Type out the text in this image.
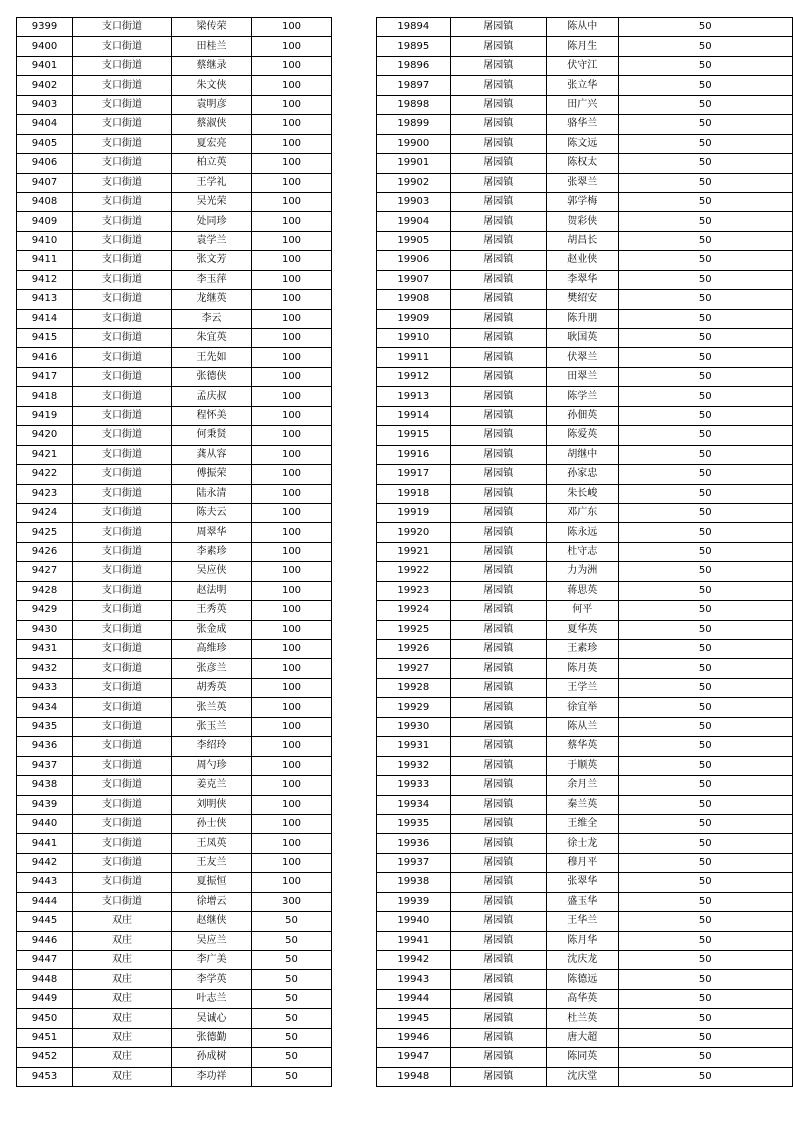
9399	支口街道	梁传荣	100
9400	支口街道	田桂兰	100
9401	支口街道	蔡继录	100
9402	支口街道	朱文侠	100
9403	支口街道	袁明彦	100
9404	支口街道	蔡淑侠	100
9405	支口街道	夏宏亮	100
9406	支口街道	柏立英	100
9407	支口街道	王学礼	100
9408	支口街道	吴光荣	100
9409	支口街道	处同珍	100
9410	支口街道	袁学兰	100
9411	支口街道	张文芳	100
9412	支口街道	李玉萍	100
9413	支口街道	龙继英	100
9414	支口街道	李云	100
9415	支口街道	朱宜英	100
9416	支口街道	王先如	100
9417	支口街道	张德侠	100
9418	支口街道	孟庆叔	100
9419	支口街道	程怀美	100
9420	支口街道	何秉贤	100
9421	支口街道	龚从容	100
9422	支口街道	傅振荣	100
9423	支口街道	陆永清	100
9424	支口街道	陈夫云	100
9425	支口街道	周翠华	100
9426	支口街道	李素珍	100
9427	支口街道	吴应侠	100
9428	支口街道	赵法明	100
9429	支口街道	王秀英	100
9430	支口街道	张金成	100
9431	支口街道	高维珍	100
9432	支口街道	张彦兰	100
9433	支口街道	胡秀英	100
9434	支口街道	张兰英	100
9435	支口街道	张玉兰	100
9436	支口街道	李绍玲	100
9437	支口街道	周勺珍	100
9438	支口街道	姜克兰	100
9439	支口街道	刘明侠	100
9440	支口街道	孙士侠	100
9441	支口街道	王凤英	100
9442	支口街道	王友兰	100
9443	支口街道	夏振恒	100
9444	支口街道	徐增云	300
9445	双庄	赵继侠	50
9446	双庄	吴应兰	50
9447	双庄	李广美	50
9448	双庄	李学英	50
9449	双庄	叶志兰	50
9450	双庄	吴诚心	50
9451	双庄	张德勤	50
9452	双庄	孙成树	50
9453	双庄	李功祥	50
19894	屠园镇	陈从中	50
19895	屠园镇	陈月生	50
19896	屠园镇	伏守江	50
19897	屠园镇	张立华	50
19898	屠园镇	田广兴	50
19899	屠园镇	骆华兰	50
19900	屠园镇	陈文远	50
19901	屠园镇	陈权太	50
19902	屠园镇	张翠兰	50
19903	屠园镇	郭学梅	50
19904	屠园镇	贺彩侠	50
19905	屠园镇	胡昌长	50
19906	屠园镇	赵业侠	50
19907	屠园镇	李翠华	50
19908	屠园镇	樊绍安	50
19909	屠园镇	陈升朋	50
19910	屠园镇	耿国英	50
19911	屠园镇	伏翠兰	50
19912	屠园镇	田翠兰	50
19913	屠园镇	陈学兰	50
19914	屠园镇	孙佃英	50
19915	屠园镇	陈爱英	50
19916	屠园镇	胡继中	50
19917	屠园镇	孙家忠	50
19918	屠园镇	朱长峻	50
19919	屠园镇	邓广东	50
19920	屠园镇	陈永远	50
19921	屠园镇	杜守志	50
19922	屠园镇	力为洲	50
19923	屠园镇	蒋思英	50
19924	屠园镇	何平	50
19925	屠园镇	夏华英	50
19926	屠园镇	王素珍	50
19927	屠园镇	陈月英	50
19928	屠园镇	王学兰	50
19929	屠园镇	徐宜举	50
19930	屠园镇	陈从兰	50
19931	屠园镇	蔡华英	50
19932	屠园镇	于顺英	50
19933	屠园镇	余月兰	50
19934	屠园镇	秦兰英	50
19935	屠园镇	王维全	50
19936	屠园镇	徐士龙	50
19937	屠园镇	穆月平	50
19938	屠园镇	张翠华	50
19939	屠园镇	盛玉华	50
19940	屠园镇	王华兰	50
19941	屠园镇	陈月华	50
19942	屠园镇	沈庆龙	50
19943	屠园镇	陈德远	50
19944	屠园镇	高华英	50
19945	屠园镇	杜兰英	50
19946	屠园镇	唐大超	50
19947	屠园镇	陈同英	50
19948	屠园镇	沈庆堂	50
